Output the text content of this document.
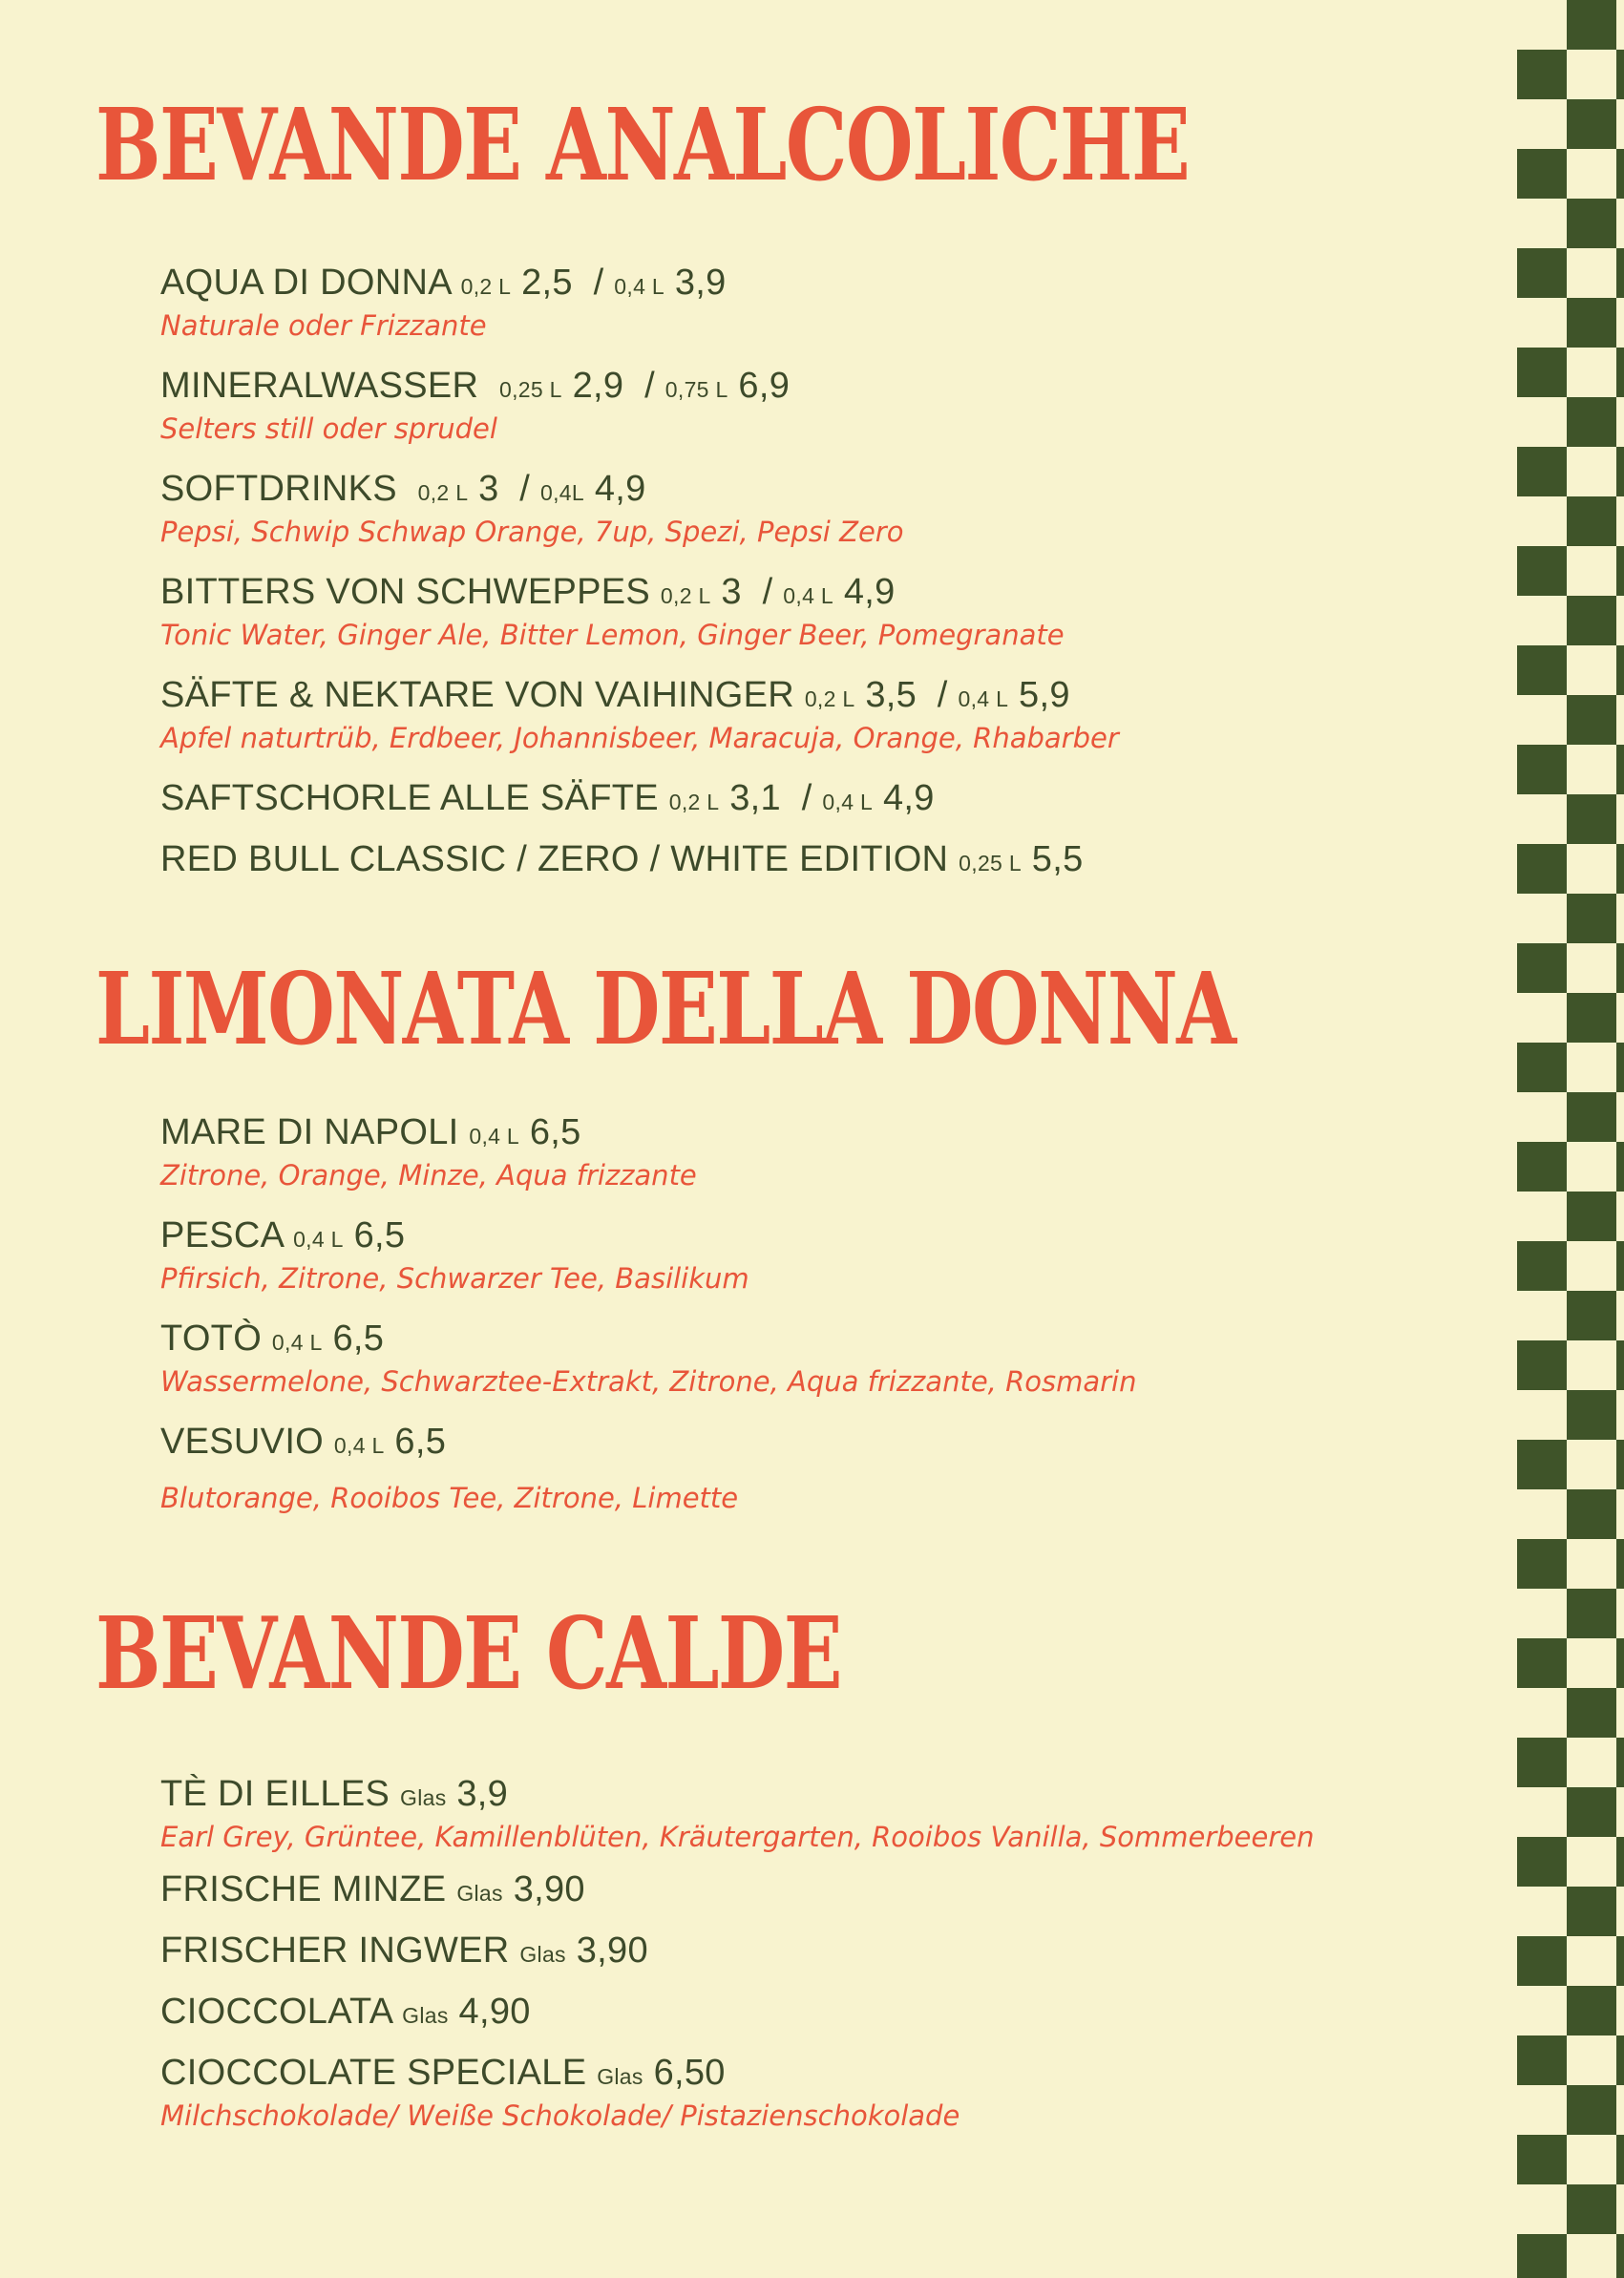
BEVANDE ANALCOLICHE
AQUA DI DONNA 0,2 L 2,5 / 0,4 L 3,9
Naturale oder Frizzante
MINERALWASSER 0,25 L 2,9 / 0,75 L 6,9
Selters still oder sprudel
SOFTDRINKS 0,2 L 3 / 0,4L 4,9
Pepsi, Schwip Schwap Orange, 7up, Spezi, Pepsi Zero
BITTERS VON SCHWEPPES 0,2 L 3 / 0,4 L 4,9
Tonic Water, Ginger Ale, Bitter Lemon, Ginger Beer, Pomegranate
SÄFTE & NEKTARE VON VAIHINGER 0,2 L 3,5 / 0,4 L 5,9
Apfel naturtrüb, Erdbeer, Johannisbeer, Maracuja, Orange, Rhabarber
SAFTSCHORLE ALLE SÄFTE 0,2 L 3,1 / 0,4 L 4,9
RED BULL CLASSIC / ZERO / WHITE EDITION 0,25 L 5,5
LIMONATA DELLA DONNA
MARE DI NAPOLI 0,4 L 6,5
Zitrone, Orange, Minze, Aqua frizzante
PESCA 0,4 L 6,5
Pfirsich, Zitrone, Schwarzer Tee, Basilikum
TOTÒ 0,4 L 6,5
Wassermelone, Schwarztee-Extrakt, Zitrone, Aqua frizzante, Rosmarin
VESUVIO 0,4 L 6,5
Blutorange, Rooibos Tee, Zitrone, Limette
BEVANDE CALDE
TÈ DI EILLES Glas 3,9
Earl Grey, Grüntee, Kamillenblüten, Kräutergarten, Rooibos Vanilla, Sommerbeeren
FRISCHE MINZE Glas 3,90
FRISCHER INGWER Glas 3,90
CIOCCOLATA Glas 4,90
CIOCCOLATE SPECIALE Glas 6,50
Milchschokolade/ Weiße Schokolade/ Pistazienschokolade
